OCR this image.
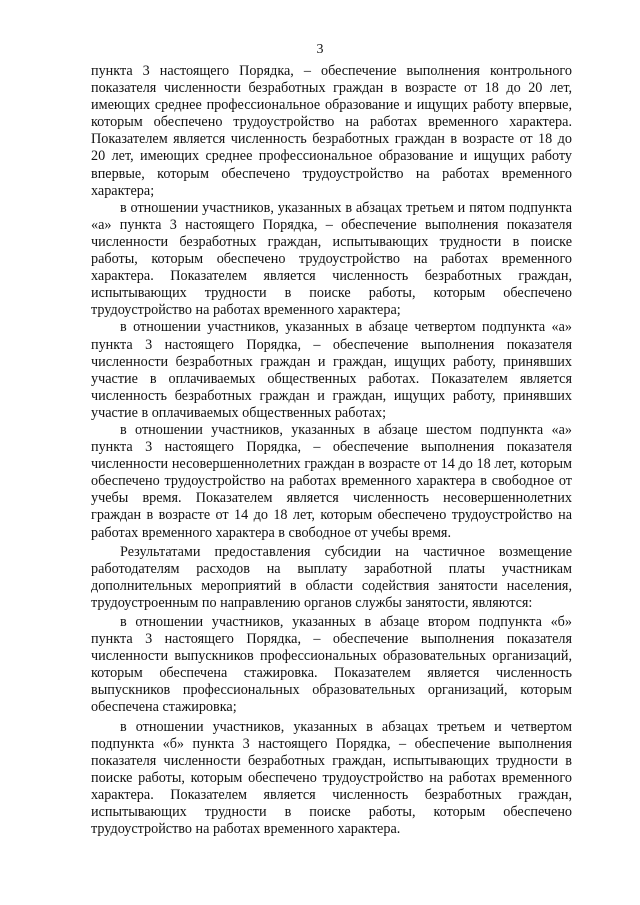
3

пункта 3 настоящего Порядка, – обеспечение выполнения контрольного показателя численности безработных граждан в возрасте от 18 до 20 лет, имеющих среднее профессиональное образование и ищущих работу впервые, которым обеспечено трудоустройство на работах временного характера. Показателем является численность безработных граждан в возрасте от 18 до 20 лет, имеющих среднее профессиональное образование и ищущих работу впервые, которым обеспечено трудоустройство на работах временного характера;

в отношении участников, указанных в абзацах третьем и пятом подпункта «а» пункта 3 настоящего Порядка, – обеспечение выполнения показателя численности безработных граждан, испытывающих трудности в поиске работы, которым обеспечено трудоустройство на работах временного характера. Показателем является численность безработных граждан, испытывающих трудности в поиске работы, которым обеспечено трудоустройство на работах временного характера;

в отношении участников, указанных в абзаце четвертом подпункта «а» пункта 3 настоящего Порядка, – обеспечение выполнения показателя численности безработных граждан и граждан, ищущих работу, принявших участие в оплачиваемых общественных работах. Показателем является численность безработных граждан и граждан, ищущих работу, принявших участие в оплачиваемых общественных работах;

в отношении участников, указанных в абзаце шестом подпункта «а» пункта 3 настоящего Порядка, – обеспечение выполнения показателя численности несовершеннолетних граждан в возрасте от 14 до 18 лет, которым обеспечено трудоустройство на работах временного характера в свободное от учебы время. Показателем является численность несовершеннолетних граждан в возрасте от 14 до 18 лет, которым обеспечено трудоустройство на работах временного характера в свободное от учебы время.

Результатами предоставления субсидии на частичное возмещение работодателям расходов на выплату заработной платы участникам дополнительных мероприятий в области содействия занятости населения, трудоустроенным по направлению органов службы занятости, являются:

в отношении участников, указанных в абзаце втором подпункта «б» пункта 3 настоящего Порядка, – обеспечение выполнения показателя численности выпускников профессиональных образовательных организаций, которым обеспечена стажировка. Показателем является численность выпускников профессиональных образовательных организаций, которым обеспечена стажировка;

в отношении участников, указанных в абзацах третьем и четвертом подпункта «б» пункта 3 настоящего Порядка, – обеспечение выполнения показателя численности безработных граждан, испытывающих трудности в поиске работы, которым обеспечено трудоустройство на работах временного характера. Показателем является численность безработных граждан, испытывающих трудности в поиске работы, которым обеспечено трудоустройство на работах временного характера.
